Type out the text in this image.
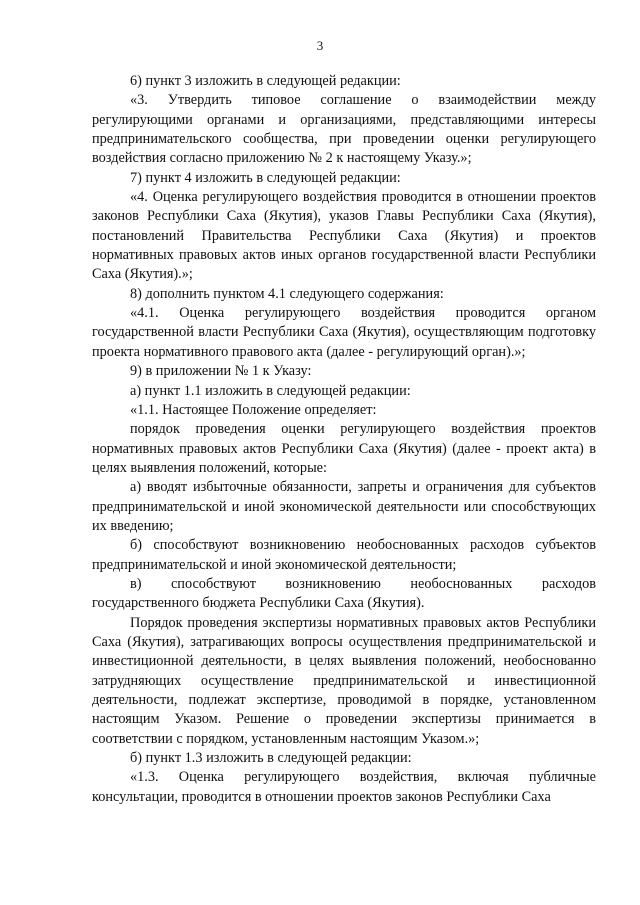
3

6) пункт 3 изложить в следующей редакции:

«3. Утвердить типовое соглашение о взаимодействии между регулирующими органами и организациями, представляющими интересы предпринимательского сообщества, при проведении оценки регулирующего воздействия согласно приложению № 2 к настоящему Указу.»;

7) пункт 4 изложить в следующей редакции:

«4. Оценка регулирующего воздействия проводится в отношении проектов законов Республики Саха (Якутия), указов Главы Республики Саха (Якутия), постановлений Правительства Республики Саха (Якутия) и проектов нормативных правовых актов иных органов государственной власти Республики Саха (Якутия).»;

8) дополнить пунктом 4.1 следующего содержания:

«4.1. Оценка регулирующего воздействия проводится органом государственной власти Республики Саха (Якутия), осуществляющим подготовку проекта нормативного правового акта (далее - регулирующий орган).»;

9) в приложении № 1 к Указу:

а) пункт 1.1 изложить в следующей редакции:

«1.1. Настоящее Положение определяет:

порядок проведения оценки регулирующего воздействия проектов нормативных правовых актов Республики Саха (Якутия) (далее - проект акта) в целях выявления положений, которые:

а) вводят избыточные обязанности, запреты и ограничения для субъектов предпринимательской и иной экономической деятельности или способствующих их введению;

б) способствуют возникновению необоснованных расходов субъектов предпринимательской и иной экономической деятельности;

в) способствуют возникновению необоснованных расходов государственного бюджета Республики Саха (Якутия).

Порядок проведения экспертизы нормативных правовых актов Республики Саха (Якутия), затрагивающих вопросы осуществления предпринимательской и инвестиционной деятельности, в целях выявления положений, необоснованно затрудняющих осуществление предпринимательской и инвестиционной деятельности, подлежат экспертизе, проводимой в порядке, установленном настоящим Указом. Решение о проведении экспертизы принимается в соответствии с порядком, установленным настоящим Указом.»;

б) пункт 1.3 изложить в следующей редакции:

«1.3. Оценка регулирующего воздействия, включая публичные консультации, проводится в отношении проектов законов Республики Саха
